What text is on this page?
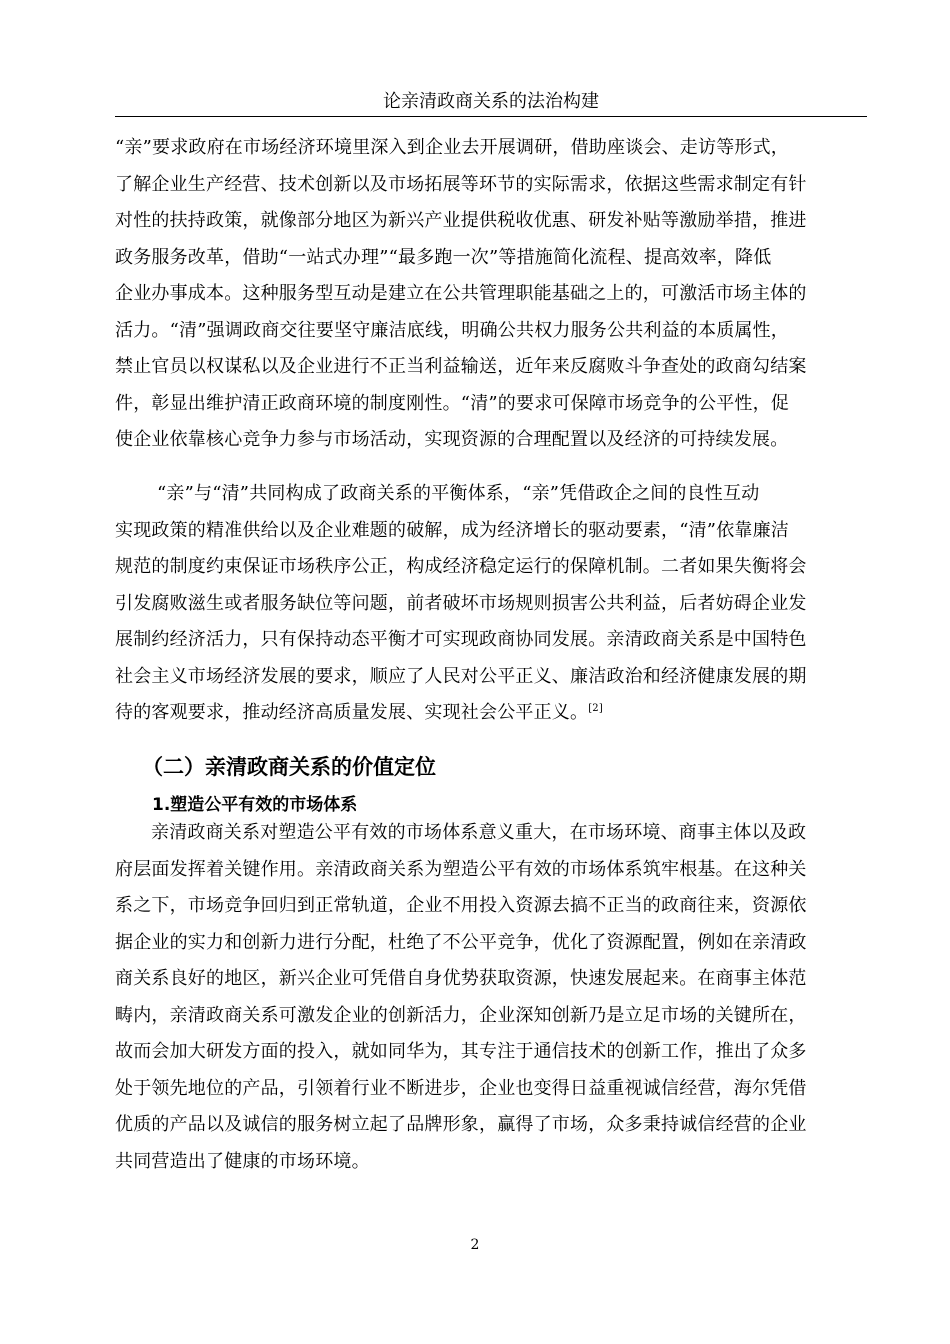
论亲清政商关系的法治构建
“亲”要求政府在市场经济环境里深入到企业去开展调研，借助座谈会、走访等形式，
了解企业生产经营、技术创新以及市场拓展等环节的实际需求，依据这些需求制定有针
对性的扶持政策，就像部分地区为新兴产业提供税收优惠、研发补贴等激励举措，推进
政务服务改革，借助“一站式办理”“最多跑一次”等措施简化流程、提高效率，降低
企业办事成本。这种服务型互动是建立在公共管理职能基础之上的，可激活市场主体的
活力。“清”强调政商交往要坚守廉洁底线，明确公共权力服务公共利益的本质属性，
禁止官员以权谋私以及企业进行不正当利益输送，近年来反腐败斗争查处的政商勾结案
件，彰显出维护清正政商环境的制度刚性。“清”的要求可保障市场竞争的公平性，促
使企业依靠核心竞争力参与市场活动，实现资源的合理配置以及经济的可持续发展。
“亲”与“清”共同构成了政商关系的平衡体系，“亲”凭借政企之间的良性互动
实现政策的精准供给以及企业难题的破解，成为经济增长的驱动要素，“清”依靠廉洁
规范的制度约束保证市场秩序公正，构成经济稳定运行的保障机制。二者如果失衡将会
引发腐败滋生或者服务缺位等问题，前者破坏市场规则损害公共利益，后者妨碍企业发
展制约经济活力，只有保持动态平衡才可实现政商协同发展。亲清政商关系是中国特色
社会主义市场经济发展的要求，顺应了人民对公平正义、廉洁政治和经济健康发展的期
待的客观要求，推动经济高质量发展、实现社会公平正义。[2]
（二）亲清政商关系的价值定位
1.塑造公平有效的市场体系
亲清政商关系对塑造公平有效的市场体系意义重大，在市场环境、商事主体以及政
府层面发挥着关键作用。亲清政商关系为塑造公平有效的市场体系筑牢根基。在这种关
系之下，市场竞争回归到正常轨道，企业不用投入资源去搞不正当的政商往来，资源依
据企业的实力和创新力进行分配，杜绝了不公平竞争，优化了资源配置，例如在亲清政
商关系良好的地区，新兴企业可凭借自身优势获取资源，快速发展起来。在商事主体范
畴内，亲清政商关系可激发企业的创新活力，企业深知创新乃是立足市场的关键所在，
故而会加大研发方面的投入，就如同华为，其专注于通信技术的创新工作，推出了众多
处于领先地位的产品，引领着行业不断进步，企业也变得日益重视诚信经营，海尔凭借
优质的产品以及诚信的服务树立起了品牌形象，赢得了市场，众多秉持诚信经营的企业
共同营造出了健康的市场环境。
2
